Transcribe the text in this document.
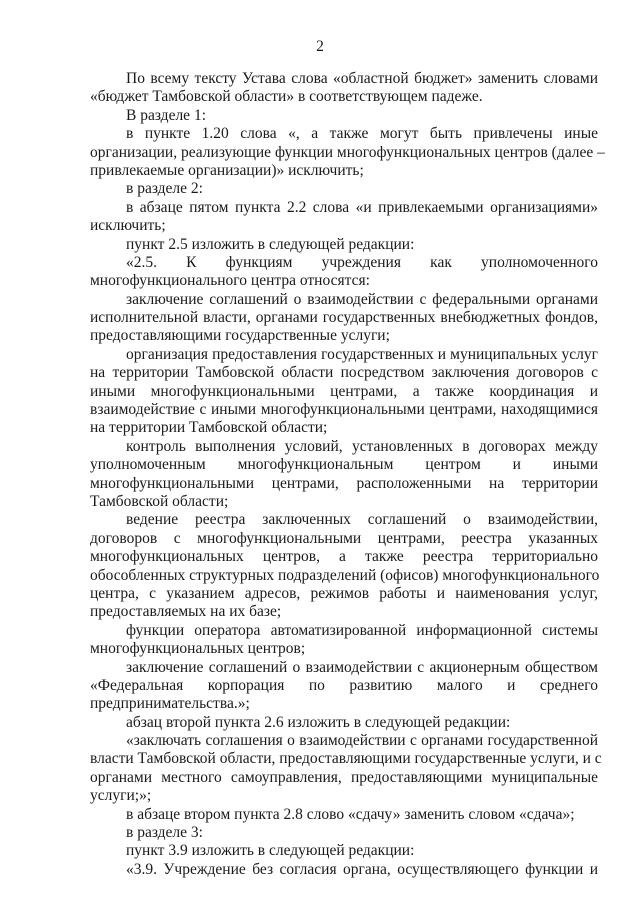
2
По всему тексту Устава слова «областной бюджет» заменить словами
«бюджет Тамбовской области» в соответствующем падеже.
В разделе 1:
в пункте 1.20 слова «, а также могут быть привлечены иные
организации, реализующие функции многофункциональных центров (далее –
привлекаемые организации)» исключить;
в разделе 2:
в абзаце пятом пункта 2.2 слова «и привлекаемыми организациями»
исключить;
пункт 2.5 изложить в следующей редакции:
«2.5. К функциям учреждения как уполномоченного
многофункционального центра относятся:
заключение соглашений о взаимодействии с федеральными органами
исполнительной власти, органами государственных внебюджетных фондов,
предоставляющими государственные услуги;
организация предоставления государственных и муниципальных услуг
на территории Тамбовской области посредством заключения договоров с
иными многофункциональными центрами, а также координация и
взаимодействие с иными многофункциональными центрами, находящимися
на территории Тамбовской области;
контроль выполнения условий, установленных в договорах между
уполномоченным многофункциональным центром и иными
многофункциональными центрами, расположенными на территории
Тамбовской области;
ведение реестра заключенных соглашений о взаимодействии,
договоров с многофункциональными центрами, реестра указанных
многофункциональных центров, а также реестра территориально
обособленных структурных подразделений (офисов) многофункционального
центра, с указанием адресов, режимов работы и наименования услуг,
предоставляемых на их базе;
функции оператора автоматизированной информационной системы
многофункциональных центров;
заключение соглашений о взаимодействии с акционерным обществом
«Федеральная корпорация по развитию малого и среднего
предпринимательства.»;
абзац второй пункта 2.6 изложить в следующей редакции:
«заключать соглашения о взаимодействии с органами государственной
власти Тамбовской области, предоставляющими государственные услуги, и с
органами местного самоуправления, предоставляющими муниципальные
услуги;»;
в абзаце втором пункта 2.8 слово «сдачу» заменить словом «сдача»;
в разделе 3:
пункт 3.9 изложить в следующей редакции:
«3.9. Учреждение без согласия органа, осуществляющего функции и
